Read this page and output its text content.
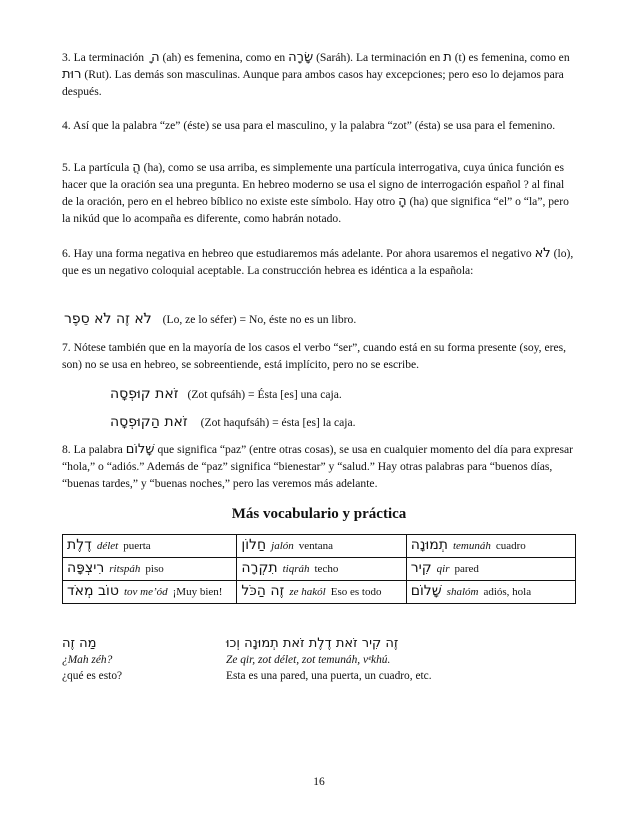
3. La terminación ה ָ (ah) es femenina, como en שָׂרָה (Saráh). La terminación en ת (t) es femenina, como en רוּת (Rut). Las demás son masculinas. Aunque para ambos casos hay excepciones; pero eso lo dejamos para después.

4. Así que la palabra “ze” (éste) se usa para el masculino, y la palabra “zot” (ésta) se usa para el femenino.

5. La partícula הֲ (ha), como se usa arriba, es simplemente una partícula interrogativa, cuya única función es hacer que la oración sea una pregunta. En hebreo moderno se usa el signo de interrogación español ? al final de la oración, pero en el hebreo bíblico no existe este símbolo. Hay otro הָ (ha) que significa “el” o “la”, pero la nikúd que lo acompaña es diferente, como habrán notado.

6. Hay una forma negativa en hebreo que estudiaremos más adelante. Por ahora usaremos el negativo לֹא (lo), que es un negativo coloquial aceptable. La construcción hebrea es idéntica a la española:

לֹא זֶה לֹא סֵפֶר (Lo, ze lo séfer) = No, éste no es un libro.

7. Nótese también que en la mayoría de los casos el verbo “ser”, cuando está en su forma presente (soy, eres, son) no se usa en hebreo, se sobreentiende, está implícito, pero no se escribe.

זֹאת קוּפְסָה (Zot qufsáh) = Ésta [es] una caja.
זֹאת הַקוּפְסָה (Zot haqufsáh) = ésta [es] la caja.

8. La palabra שָׁלוֹם que significa “paz” (entre otras cosas), se usa en cualquier momento del día para expresar “hola,” o “adiós.” Además de “paz” significa “bienestar” y “salud.” Hay otras palabras para “buenos días, “buenas tardes,” y “buenas noches,” pero las veremos más adelante.

Más vocabulario y práctica
דֶלֶת délet puerta	חַלוֹן jalón ventana	תְמוּנָה temunáh cuadro
רִיצְפָּה ritspáh piso	תִקְרָה tiqráh techo	קִיר qir pared
טוֹב מְאֹד tov me’ód ¡Muy bien!	זֶה הַכֹּל ze hakól Eso es todo	שָׁלוֹם shalóm adiós, hola
מַה זֶה
¿Mah zéh?
¿qué es esto?
זֶה קִיר זֹאת דֶלֶת זֹאת תְמוּנָה וְכוּ
Ze qir, zot délet, zot temunáh, vᵉkhú.
Esta es una pared, una puerta, un cuadro, etc.
16
